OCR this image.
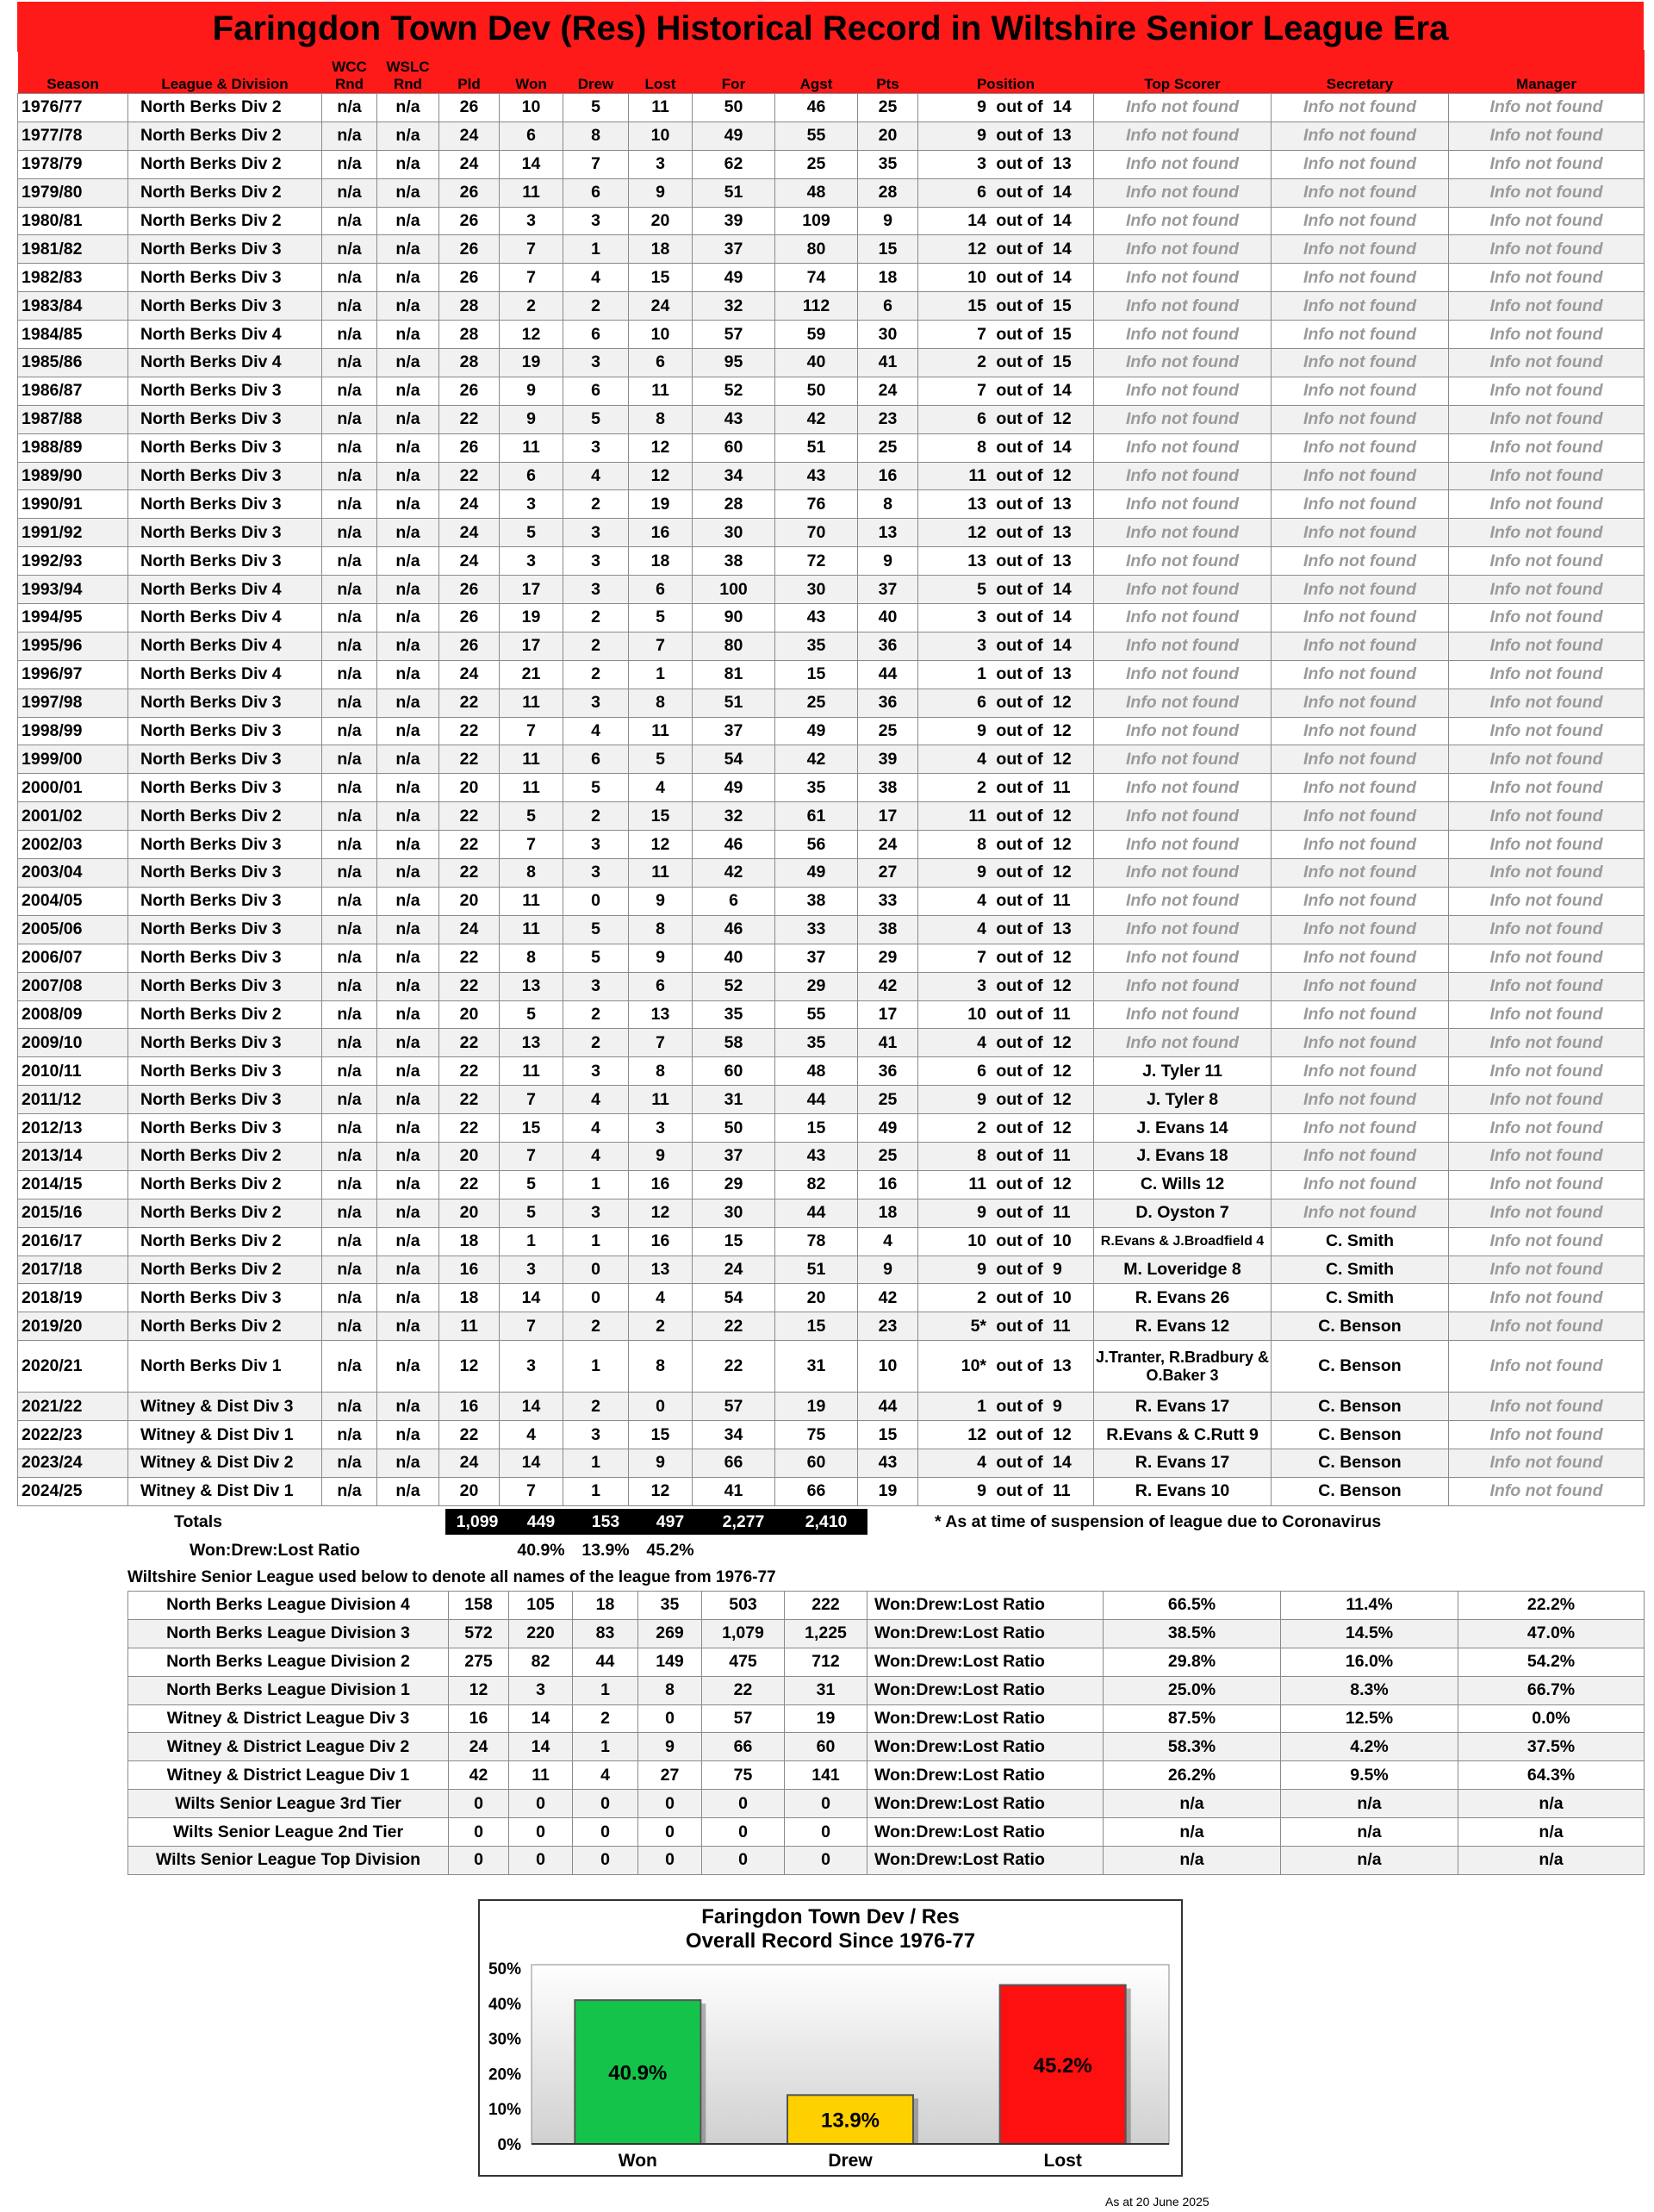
Faringdon Town Dev (Res) Historical Record in Wiltshire Senior League Era
Season	League & Division	WCC Rnd	WSLC Rnd	Pld	Won	Drew	Lost	For	Agst	Pts	Position	Top Scorer	Secretary	Manager
1976/77	North Berks Div 2	n/a	n/a	26	10	5	11	50	46	25	9 out of 14	Info not found	Info not found	Info not found
1977/78	North Berks Div 2	n/a	n/a	24	6	8	10	49	55	20	9 out of 13	Info not found	Info not found	Info not found
1978/79	North Berks Div 2	n/a	n/a	24	14	7	3	62	25	35	3 out of 13	Info not found	Info not found	Info not found
1979/80	North Berks Div 2	n/a	n/a	26	11	6	9	51	48	28	6 out of 14	Info not found	Info not found	Info not found
1980/81	North Berks Div 2	n/a	n/a	26	3	3	20	39	109	9	14 out of 14	Info not found	Info not found	Info not found
1981/82	North Berks Div 3	n/a	n/a	26	7	1	18	37	80	15	12 out of 14	Info not found	Info not found	Info not found
1982/83	North Berks Div 3	n/a	n/a	26	7	4	15	49	74	18	10 out of 14	Info not found	Info not found	Info not found
1983/84	North Berks Div 3	n/a	n/a	28	2	2	24	32	112	6	15 out of 15	Info not found	Info not found	Info not found
1984/85	North Berks Div 4	n/a	n/a	28	12	6	10	57	59	30	7 out of 15	Info not found	Info not found	Info not found
1985/86	North Berks Div 4	n/a	n/a	28	19	3	6	95	40	41	2 out of 15	Info not found	Info not found	Info not found
1986/87	North Berks Div 3	n/a	n/a	26	9	6	11	52	50	24	7 out of 14	Info not found	Info not found	Info not found
1987/88	North Berks Div 3	n/a	n/a	22	9	5	8	43	42	23	6 out of 12	Info not found	Info not found	Info not found
1988/89	North Berks Div 3	n/a	n/a	26	11	3	12	60	51	25	8 out of 14	Info not found	Info not found	Info not found
1989/90	North Berks Div 3	n/a	n/a	22	6	4	12	34	43	16	11 out of 12	Info not found	Info not found	Info not found
1990/91	North Berks Div 3	n/a	n/a	24	3	2	19	28	76	8	13 out of 13	Info not found	Info not found	Info not found
1991/92	North Berks Div 3	n/a	n/a	24	5	3	16	30	70	13	12 out of 13	Info not found	Info not found	Info not found
1992/93	North Berks Div 3	n/a	n/a	24	3	3	18	38	72	9	13 out of 13	Info not found	Info not found	Info not found
1993/94	North Berks Div 4	n/a	n/a	26	17	3	6	100	30	37	5 out of 14	Info not found	Info not found	Info not found
1994/95	North Berks Div 4	n/a	n/a	26	19	2	5	90	43	40	3 out of 14	Info not found	Info not found	Info not found
1995/96	North Berks Div 4	n/a	n/a	26	17	2	7	80	35	36	3 out of 14	Info not found	Info not found	Info not found
1996/97	North Berks Div 4	n/a	n/a	24	21	2	1	81	15	44	1 out of 13	Info not found	Info not found	Info not found
1997/98	North Berks Div 3	n/a	n/a	22	11	3	8	51	25	36	6 out of 12	Info not found	Info not found	Info not found
1998/99	North Berks Div 3	n/a	n/a	22	7	4	11	37	49	25	9 out of 12	Info not found	Info not found	Info not found
1999/00	North Berks Div 3	n/a	n/a	22	11	6	5	54	42	39	4 out of 12	Info not found	Info not found	Info not found
2000/01	North Berks Div 3	n/a	n/a	20	11	5	4	49	35	38	2 out of 11	Info not found	Info not found	Info not found
2001/02	North Berks Div 2	n/a	n/a	22	5	2	15	32	61	17	11 out of 12	Info not found	Info not found	Info not found
2002/03	North Berks Div 3	n/a	n/a	22	7	3	12	46	56	24	8 out of 12	Info not found	Info not found	Info not found
2003/04	North Berks Div 3	n/a	n/a	22	8	3	11	42	49	27	9 out of 12	Info not found	Info not found	Info not found
2004/05	North Berks Div 3	n/a	n/a	20	11	0	9	6	38	33	4 out of 11	Info not found	Info not found	Info not found
2005/06	North Berks Div 3	n/a	n/a	24	11	5	8	46	33	38	4 out of 13	Info not found	Info not found	Info not found
2006/07	North Berks Div 3	n/a	n/a	22	8	5	9	40	37	29	7 out of 12	Info not found	Info not found	Info not found
2007/08	North Berks Div 3	n/a	n/a	22	13	3	6	52	29	42	3 out of 12	Info not found	Info not found	Info not found
2008/09	North Berks Div 2	n/a	n/a	20	5	2	13	35	55	17	10 out of 11	Info not found	Info not found	Info not found
2009/10	North Berks Div 3	n/a	n/a	22	13	2	7	58	35	41	4 out of 12	Info not found	Info not found	Info not found
2010/11	North Berks Div 3	n/a	n/a	22	11	3	8	60	48	36	6 out of 12	J. Tyler 11	Info not found	Info not found
2011/12	North Berks Div 3	n/a	n/a	22	7	4	11	31	44	25	9 out of 12	J. Tyler 8	Info not found	Info not found
2012/13	North Berks Div 3	n/a	n/a	22	15	4	3	50	15	49	2 out of 12	J. Evans 14	Info not found	Info not found
2013/14	North Berks Div 2	n/a	n/a	20	7	4	9	37	43	25	8 out of 11	J. Evans 18	Info not found	Info not found
2014/15	North Berks Div 2	n/a	n/a	22	5	1	16	29	82	16	11 out of 12	C. Wills 12	Info not found	Info not found
2015/16	North Berks Div 2	n/a	n/a	20	5	3	12	30	44	18	9 out of 11	D. Oyston 7	Info not found	Info not found
2016/17	North Berks Div 2	n/a	n/a	18	1	1	16	15	78	4	10 out of 10	R.Evans & J.Broadfield 4	C. Smith	Info not found
2017/18	North Berks Div 2	n/a	n/a	16	3	0	13	24	51	9	9 out of 9	M. Loveridge 8	C. Smith	Info not found
2018/19	North Berks Div 3	n/a	n/a	18	14	0	4	54	20	42	2 out of 10	R. Evans 26	C. Smith	Info not found
2019/20	North Berks Div 2	n/a	n/a	11	7	2	2	22	15	23	5* out of 11	R. Evans 12	C. Benson	Info not found
2020/21	North Berks Div 1	n/a	n/a	12	3	1	8	22	31	10	10* out of 13	J.Tranter, R.Bradbury & O.Baker 3	C. Benson	Info not found
2021/22	Witney & Dist Div 3	n/a	n/a	16	14	2	0	57	19	44	1 out of 9	R. Evans 17	C. Benson	Info not found
2022/23	Witney & Dist Div 1	n/a	n/a	22	4	3	15	34	75	15	12 out of 12	R.Evans & C.Rutt 9	C. Benson	Info not found
2023/24	Witney & Dist Div 2	n/a	n/a	24	14	1	9	66	60	43	4 out of 14	R. Evans 17	C. Benson	Info not found
2024/25	Witney & Dist Div 1	n/a	n/a	20	7	1	12	41	66	19	9 out of 11	R. Evans 10	C. Benson	Info not found
Totals	1,099	449	153	497	2,277	2,410	* As at time of suspension of league due to Coronavirus
Won:Drew:Lost Ratio	40.9%	13.9%	45.2%
Wiltshire Senior League used below to denote all names of the league from 1976-77
North Berks League Division 4	158	105	18	35	503	222	Won:Drew:Lost Ratio	66.5%	11.4%	22.2%
North Berks League Division 3	572	220	83	269	1,079	1,225	Won:Drew:Lost Ratio	38.5%	14.5%	47.0%
North Berks League Division 2	275	82	44	149	475	712	Won:Drew:Lost Ratio	29.8%	16.0%	54.2%
North Berks League Division 1	12	3	1	8	22	31	Won:Drew:Lost Ratio	25.0%	8.3%	66.7%
Witney & District League Div 3	16	14	2	0	57	19	Won:Drew:Lost Ratio	87.5%	12.5%	0.0%
Witney & District League Div 2	24	14	1	9	66	60	Won:Drew:Lost Ratio	58.3%	4.2%	37.5%
Witney & District League Div 1	42	11	4	27	75	141	Won:Drew:Lost Ratio	26.2%	9.5%	64.3%
Wilts Senior League 3rd Tier	0	0	0	0	0	0	Won:Drew:Lost Ratio	n/a	n/a	n/a
Wilts Senior League 2nd Tier	0	0	0	0	0	0	Won:Drew:Lost Ratio	n/a	n/a	n/a
Wilts Senior League Top Division	0	0	0	0	0	0	Won:Drew:Lost Ratio	n/a	n/a	n/a
Faringdon Town Dev / Res
Overall Record Since 1976-77
0%
10%
20%
30%
40%
50%
40.9%
Won
13.9%
Drew
45.2%
Lost
As at 20 June 2025
